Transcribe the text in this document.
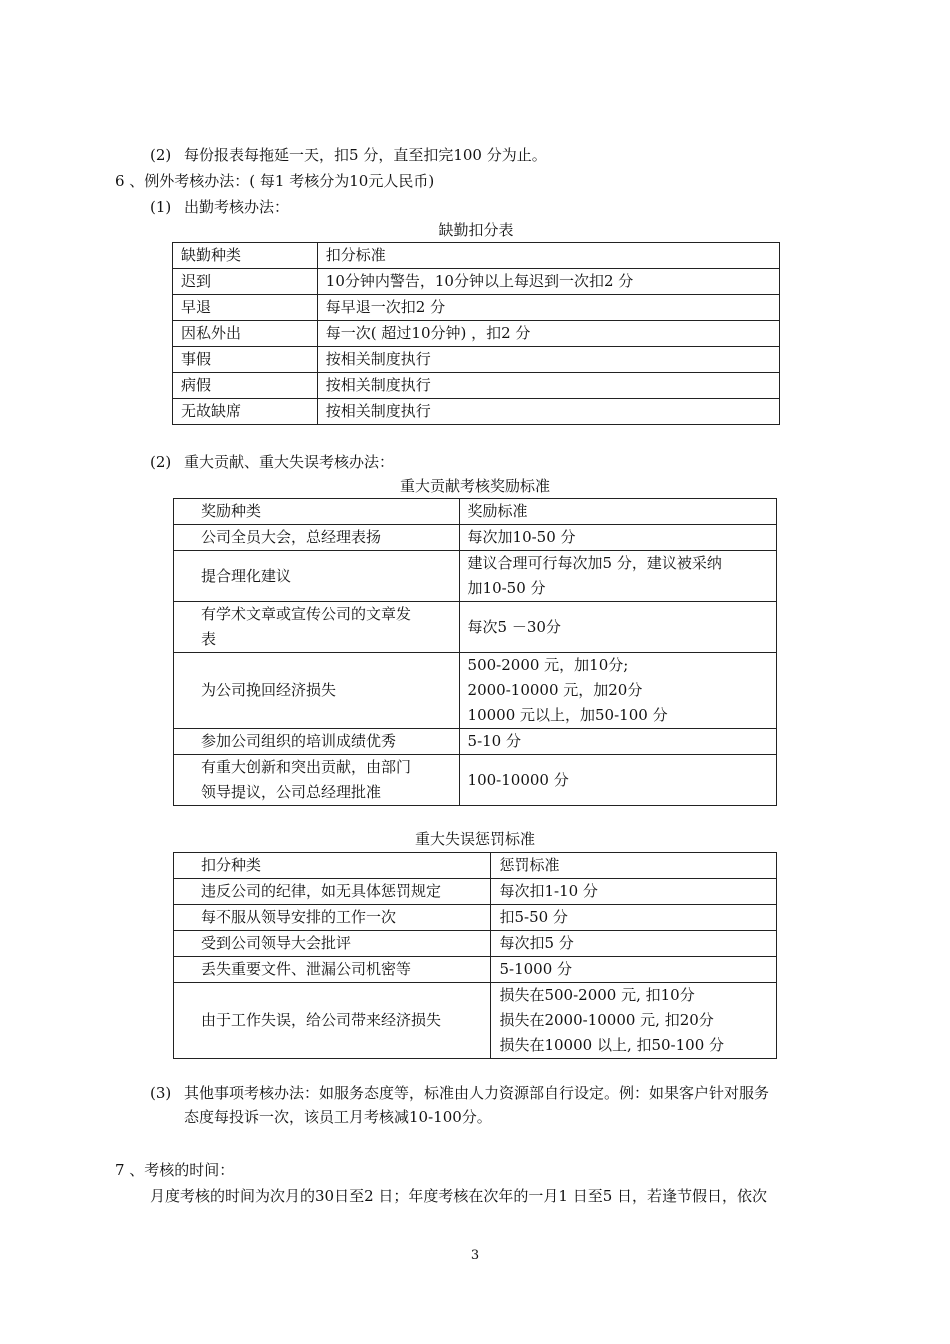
(2) 每份报表每拖延一天，扣5 分，直至扣完100 分为止。
6 、例外考核办法：( 每1 考核分为10元人民币)
(1) 出勤考核办法：
缺勤扣分表
缺勤种类	扣分标准

迟到	10分钟内警告，10分钟以上每迟到一次扣2 分

早退	每早退一次扣2 分

因私外出	每一次( 超过10分钟) ，扣2 分

事假	按相关制度执行

病假	按相关制度执行

无故缺席	按相关制度执行
(2) 重大贡献、重大失误考核办法：
重大贡献考核奖励标准
奖励种类	奖励标准

公司全员大会，总经理表扬	每次加10-50 分

提合理化建议	建议合理可行每次加5 分，建议被采纳
加10-50 分

有学术文章或宣传公司的文章发
表	每次5 －30分

为公司挽回经济损失	500-2000 元，加10分;
2000-10000 元，加20分
10000 元以上，加50-100 分

参加公司组织的培训成绩优秀	5-10 分

有重大创新和突出贡献，由部门
领导提议，公司总经理批准	100-10000 分
重大失误惩罚标准
扣分种类	惩罚标准

违反公司的纪律，如无具体惩罚规定	每次扣1-10 分

每不服从领导安排的工作一次	扣5-50 分

受到公司领导大会批评	每次扣5 分

丢失重要文件、泄漏公司机密等	5-1000 分

由于工作失误，给公司带来经济损失	损失在500-2000 元, 扣10分
损失在2000-10000 元, 扣20分
损失在10000 以上, 扣50-100 分
(3) 其他事项考核办法：如服务态度等，标准由人力资源部自行设定。例：如果客户针对服务
态度每投诉一次，该员工月考核减10-100分。
7 、考核的时间：
月度考核的时间为次月的30日至2 日；年度考核在次年的一月1 日至5 日，若逢节假日，依次
3
